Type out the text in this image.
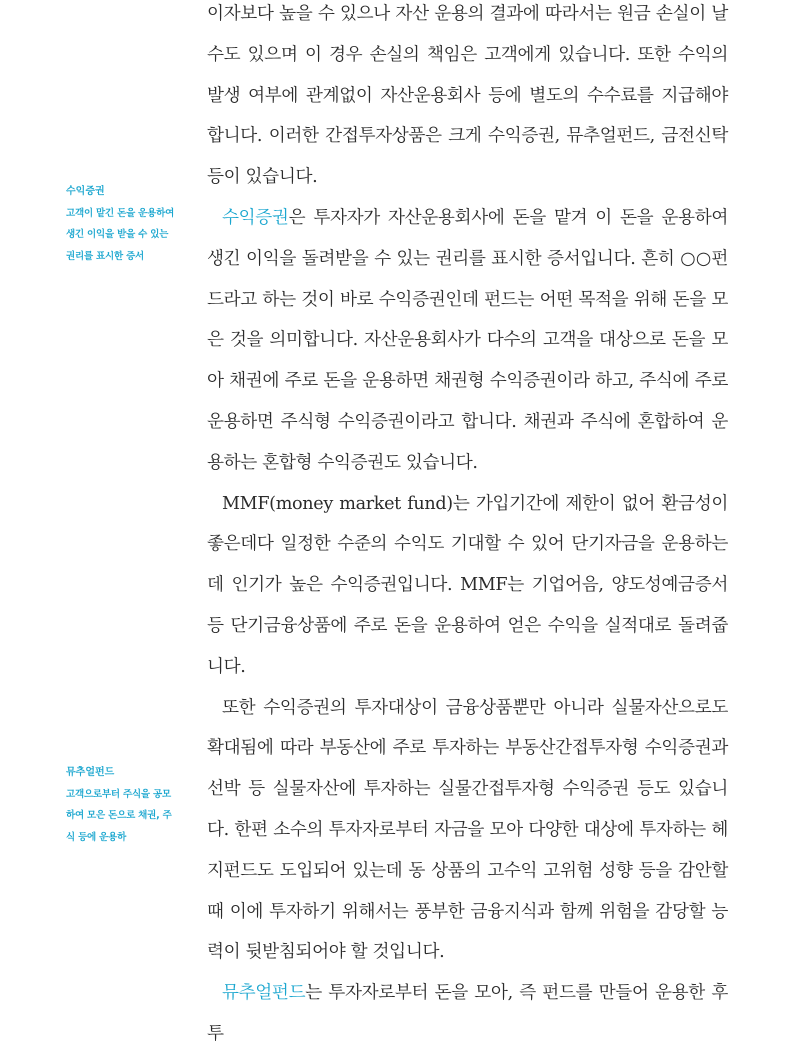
수익증권
고객이 맡긴 돈을 운용하여 생긴 이익을 받을 수 있는 권리를 표시한 증서
뮤추얼펀드
고객으로부터 주식을 공모하여 모은 돈으로 채권, 주식 등에 운용하

이자보다 높을 수 있으나 자산 운용의 결과에 따라서는 원금 손실이 날 수도 있으며 이 경우 손실의 책임은 고객에게 있습니다. 또한 수익의 발생 여부에 관계없이 자산운용회사 등에 별도의 수수료를 지급해야 합니다. 이러한 간접투자상품은 크게 수익증권, 뮤추얼펀드, 금전신탁 등이 있습니다.

수익증권은 투자자가 자산운용회사에 돈을 맡겨 이 돈을 운용하여 생긴 이익을 돌려받을 수 있는 권리를 표시한 증서입니다. 흔히 ○○펀드라고 하는 것이 바로 수익증권인데 펀드는 어떤 목적을 위해 돈을 모은 것을 의미합니다. 자산운용회사가 다수의 고객을 대상으로 돈을 모아 채권에 주로 돈을 운용하면 채권형 수익증권이라 하고, 주식에 주로 운용하면 주식형 수익증권이라고 합니다. 채권과 주식에 혼합하여 운용하는 혼합형 수익증권도 있습니다.

MMF(money market fund)는 가입기간에 제한이 없어 환금성이 좋은데다 일정한 수준의 수익도 기대할 수 있어 단기자금을 운용하는 데 인기가 높은 수익증권입니다. MMF는 기업어음, 양도성예금증서 등 단기금융상품에 주로 돈을 운용하여 얻은 수익을 실적대로 돌려줍니다.

또한 수익증권의 투자대상이 금융상품뿐만 아니라 실물자산으로도 확대됨에 따라 부동산에 주로 투자하는 부동산간접투자형 수익증권과 선박 등 실물자산에 투자하는 실물간접투자형 수익증권 등도 있습니다. 한편 소수의 투자자로부터 자금을 모아 다양한 대상에 투자하는 헤지펀드도 도입되어 있는데 동 상품의 고수익 고위험 성향 등을 감안할 때 이에 투자하기 위해서는 풍부한 금융지식과 함께 위험을 감당할 능력이 뒷받침되어야 할 것입니다.

뮤추얼펀드는 투자자로부터 돈을 모아, 즉 펀드를 만들어 운용한 후 투
